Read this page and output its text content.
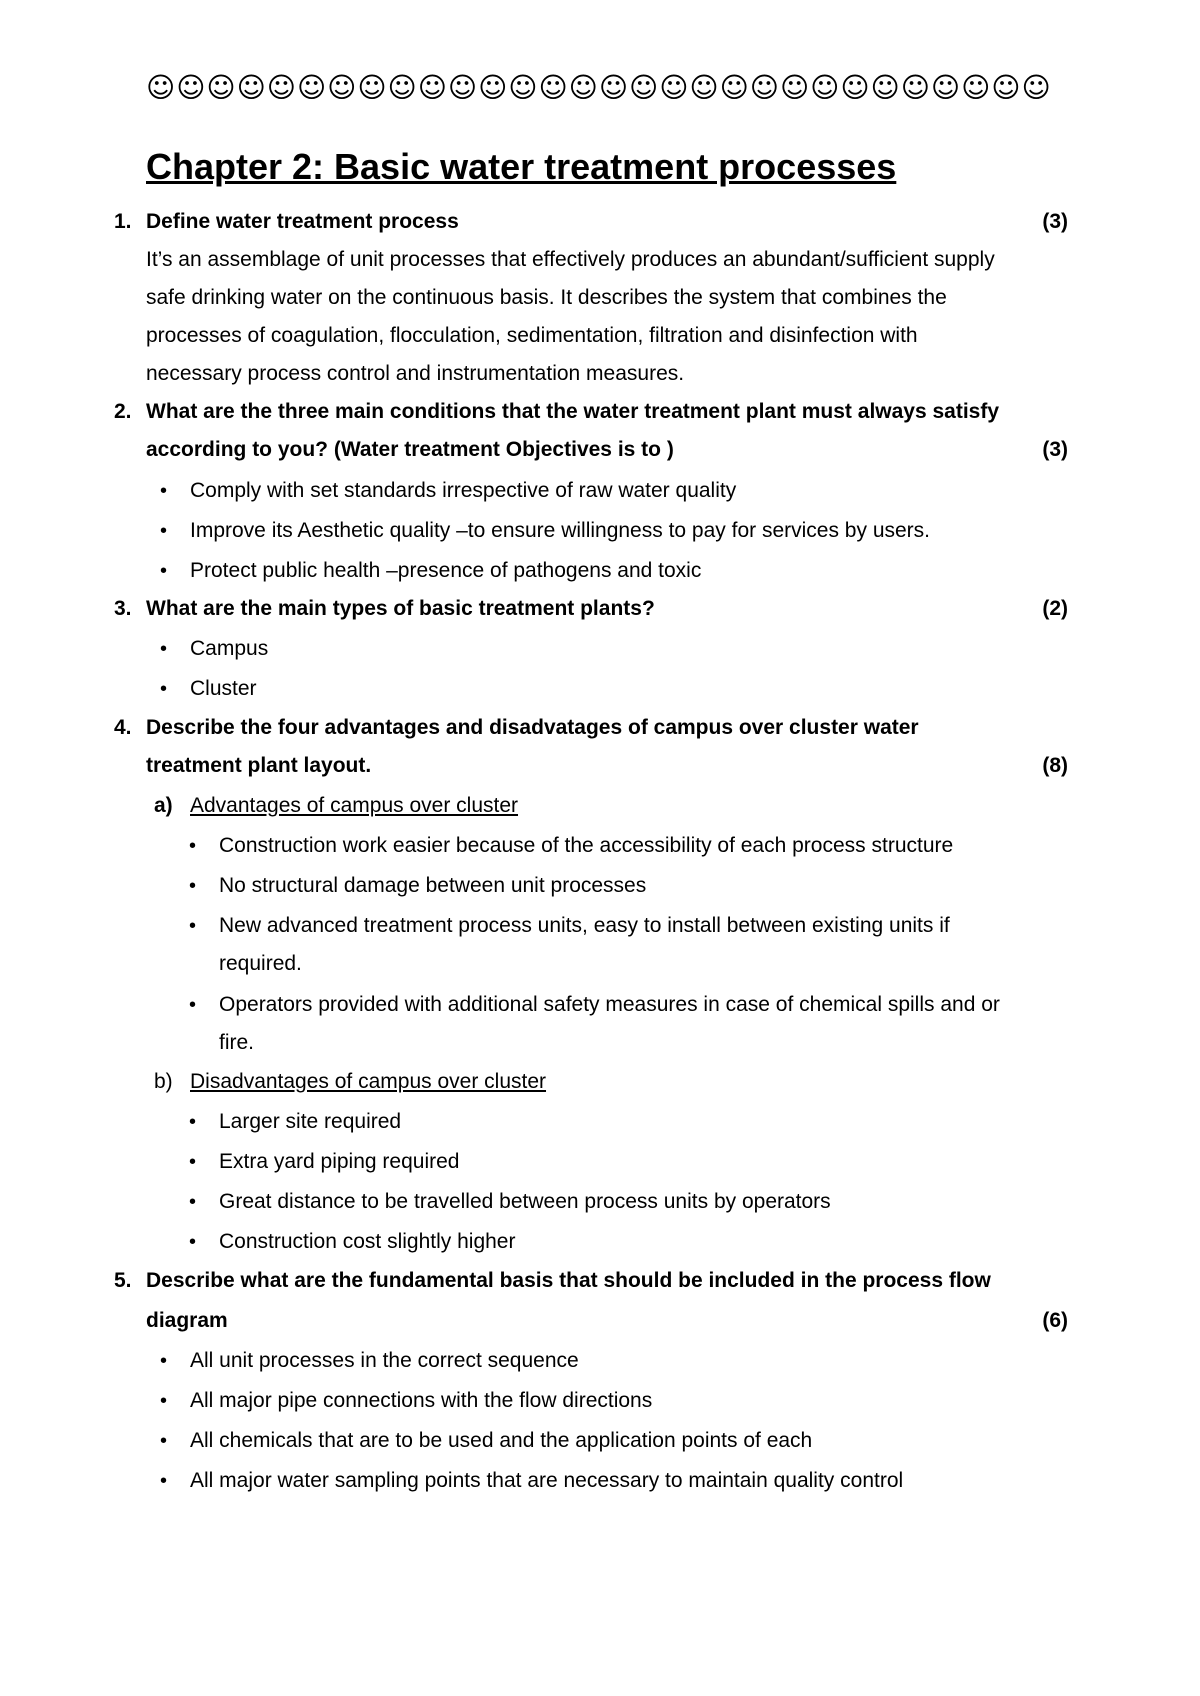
☺☺☺☺☺☺☺☺☺☺☺☺☺☺☺☺☺☺☺☺☺☺☺☺☺☺☺☺☺☺
Chapter 2: Basic water treatment processes
1. Define water treatment process	(3)
It’s an assemblage of unit processes that effectively produces an abundant/sufficient supply
safe drinking water on the continuous basis. It describes the system that combines the
processes of coagulation, flocculation, sedimentation, filtration and disinfection with
necessary process control and instrumentation measures.
2. What are the three main conditions that the water treatment plant must always satisfy
according to you? (Water treatment Objectives is to )	(3)
• Comply with set standards irrespective of raw water quality
• Improve its Aesthetic quality –to ensure willingness to pay for services by users.
• Protect public health –presence of pathogens and toxic
3. What are the main types of basic treatment plants?	(2)
• Campus
• Cluster
4. Describe the four advantages and disadvatages of campus over cluster water
treatment plant layout.	(8)
a) Advantages of campus over cluster
• Construction work easier because of the accessibility of each process structure
• No structural damage between unit processes
• New advanced treatment process units, easy to install between existing units if
required.
• Operators provided with additional safety measures in case of chemical spills and or
fire.
b) Disadvantages of campus over cluster
• Larger site required
• Extra yard piping required
• Great distance to be travelled between process units by operators
• Construction cost slightly higher
5. Describe what are the fundamental basis that should be included in the process flow
diagram	(6)
• All unit processes in the correct sequence
• All major pipe connections with the flow directions
• All chemicals that are to be used and the application points of each
• All major water sampling points that are necessary to maintain quality control
